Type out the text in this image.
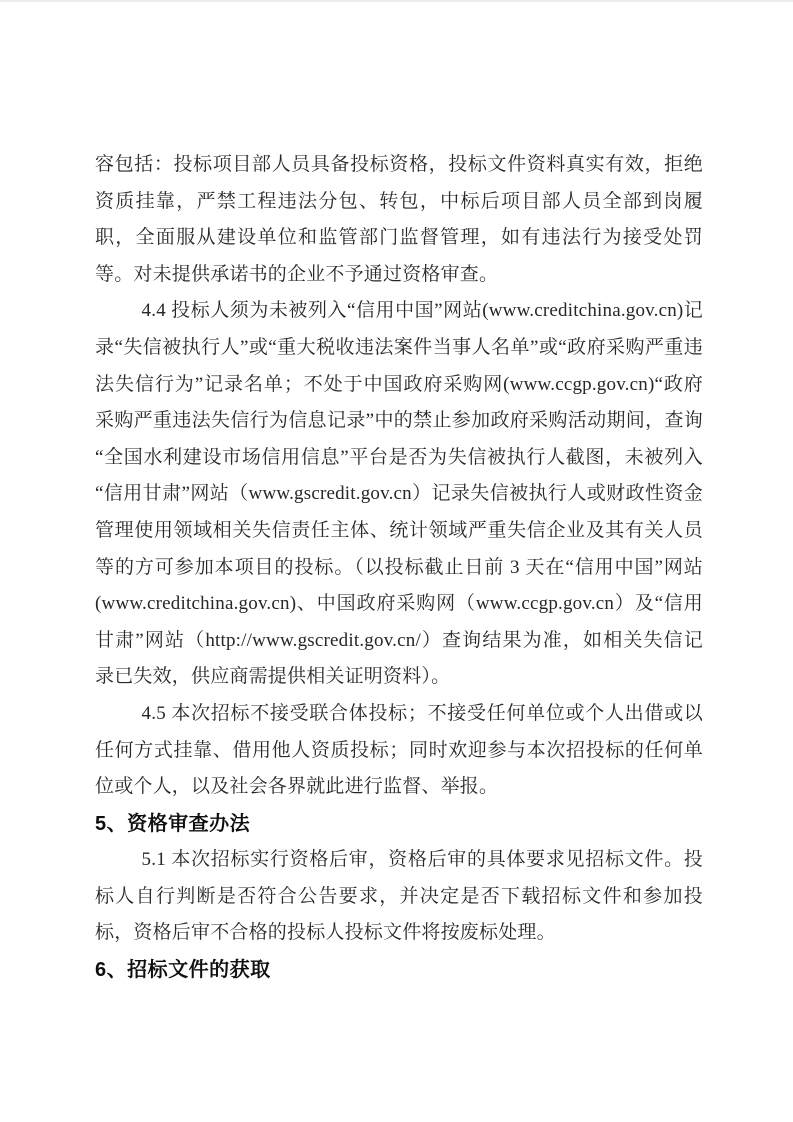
容包括：投标项目部人员具备投标资格，投标文件资料真实有效，拒绝资质挂靠，严禁工程违法分包、转包，中标后项目部人员全部到岗履职，全面服从建设单位和监管部门监督管理，如有违法行为接受处罚等。对未提供承诺书的企业不予通过资格审查。

4.4 投标人须为未被列入“信用中国”网站(www.creditchina.gov.cn)记录“失信被执行人”或“重大税收违法案件当事人名单”或“政府采购严重违法失信行为”记录名单；不处于中国政府采购网(www.ccgp.gov.cn)“政府采购严重违法失信行为信息记录”中的禁止参加政府采购活动期间，查询“全国水利建设市场信用信息”平台是否为失信被执行人截图，未被列入“信用甘肃”网站（www.gscredit.gov.cn）记录失信被执行人或财政性资金管理使用领域相关失信责任主体、统计领域严重失信企业及其有关人员等的方可参加本项目的投标。（以投标截止日前 3 天在“信用中国”网站(www.creditchina.gov.cn)、中国政府采购网（www.ccgp.gov.cn）及“信用甘肃”网站（http://www.gscredit.gov.cn/）查询结果为准，如相关失信记录已失效，供应商需提供相关证明资料）。

4.5 本次招标不接受联合体投标；不接受任何单位或个人出借或以任何方式挂靠、借用他人资质投标；同时欢迎参与本次招投标的任何单位或个人，以及社会各界就此进行监督、举报。

5、资格审查办法

5.1 本次招标实行资格后审，资格后审的具体要求见招标文件。投标人自行判断是否符合公告要求，并决定是否下载招标文件和参加投标，资格后审不合格的投标人投标文件将按废标处理。

6、招标文件的获取
